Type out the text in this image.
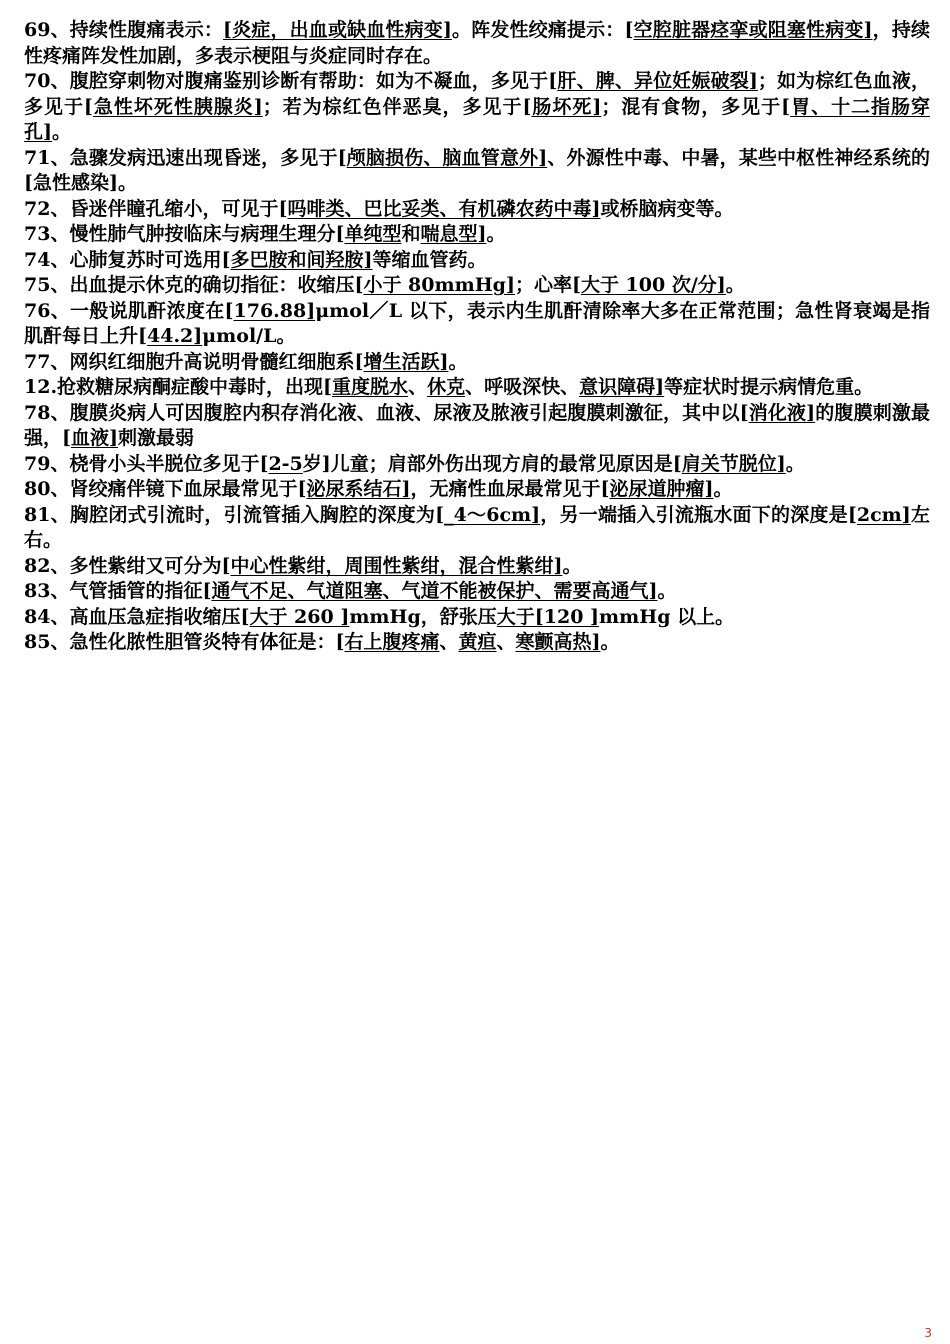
69、持续性腹痛表示：[炎症，出血或缺血性病变]。阵发性绞痛提示：[空腔脏器痉挛或阻塞性病变]，持续性疼痛阵发性加剧，多表示梗阻与炎症同时存在。

70、腹腔穿刺物对腹痛鉴别诊断有帮助：如为不凝血，多见于[肝、脾、异位妊娠破裂]；如为棕红色血液，多见于[急性坏死性胰腺炎]；若为棕红色伴恶臭，多见于[肠坏死]；混有食物，多见于[胃、十二指肠穿孔]。

71、急骤发病迅速出现昏迷，多见于[颅脑损伤、脑血管意外]、外源性中毒、中暑，某些中枢性神经系统的[急性感染]。

72、昏迷伴瞳孔缩小，可见于[吗啡类、巴比妥类、有机磷农药中毒]或桥脑病变等。

73、慢性肺气肿按临床与病理生理分[单纯型和喘息型]。

74、心肺复苏时可选用[多巴胺和间羟胺]等缩血管药。

75、出血提示休克的确切指征：收缩压[小于 80mmHg]；心率[大于 100 次/分]。

76、一般说肌酐浓度在[176.88]μmol／L 以下，表示内生肌酐清除率大多在正常范围；急性肾衰竭是指肌酐每日上升[44.2]μmol/L。

77、网织红细胞升高说明骨髓红细胞系[增生活跃]。

12.抢救糖尿病酮症酸中毒时，出现[重度脱水、休克、呼吸深快、意识障碍]等症状时提示病情危重。

78、腹膜炎病人可因腹腔内积存消化液、血液、尿液及脓液引起腹膜刺激征，其中以[消化液]的腹膜刺激最强，[血液]刺激最弱

79、桡骨小头半脱位多见于[2-5岁]儿童；肩部外伤出现方肩的最常见原因是[肩关节脱位]。

80、肾绞痛伴镜下血尿最常见于[泌尿系结石]，无痛性血尿最常见于[泌尿道肿瘤]。

81、胸腔闭式引流时，引流管插入胸腔的深度为[_4～6cm]，另一端插入引流瓶水面下的深度是[2cm]左右。

82、多性紫绀又可分为[中心性紫绀，周围性紫绀，混合性紫绀]。

83、气管插管的指征[通气不足、气道阻塞、气道不能被保护、需要高通气]。

84、高血压急症指收缩压[大于 260 ]mmHg，舒张压大于[120 ]mmHg 以上。

85、急性化脓性胆管炎特有体征是：[右上腹疼痛、黄疸、寒颤高热]。

3
